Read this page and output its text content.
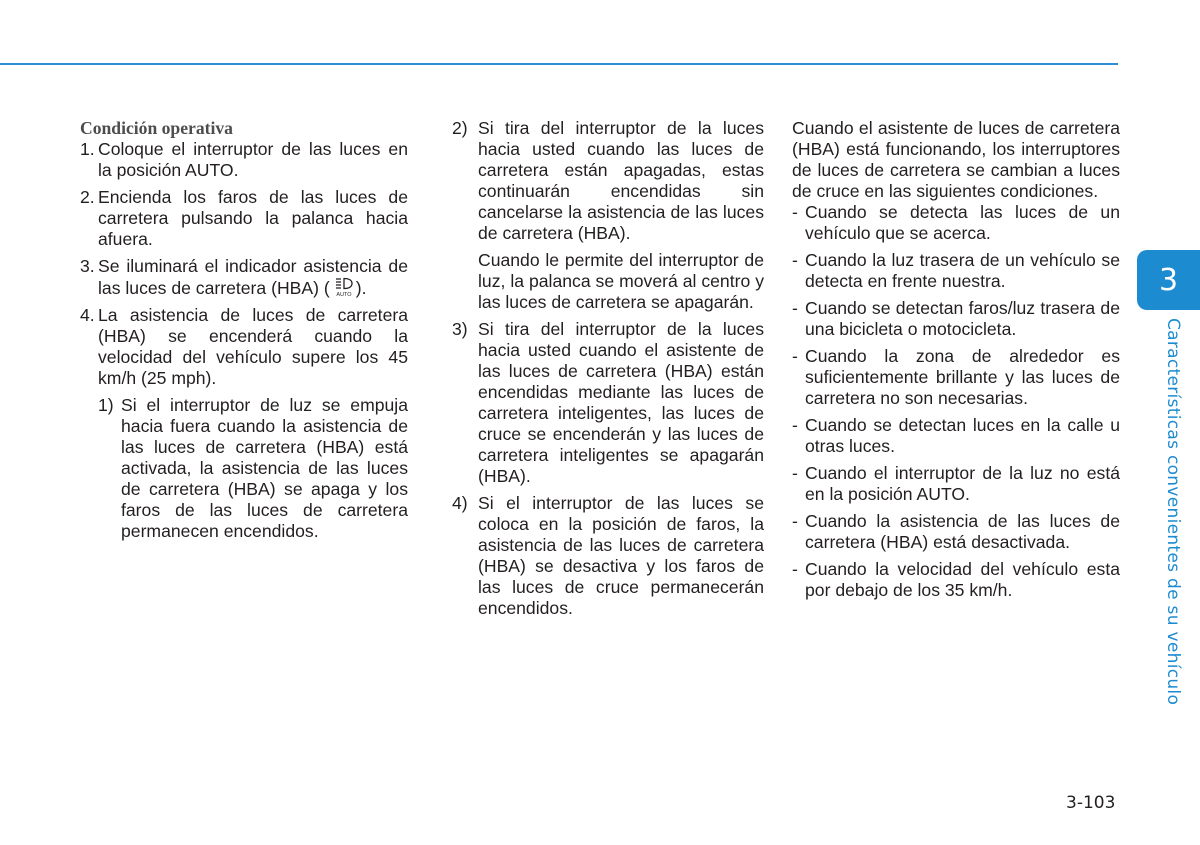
Condición operativa

1. Coloque el interruptor de las luces en la posición AUTO.
2. Encienda los faros de las luces de carretera pulsando la palanca hacia afuera.
3. Se iluminará el indicador asistencia de las luces de carretera (HBA) ( AUTO ).
4. La asistencia de luces de carretera (HBA) se encenderá cuando la velocidad del vehículo supere los 45 km/h (25 mph).
1) Si el interruptor de luz se empuja hacia fuera cuando la asistencia de las luces de carretera (HBA) está activada, la asistencia de las luces de carretera (HBA) se apaga y los faros de las luces de carretera permanecen encendidos.
2) Si tira del interruptor de la luces hacia usted cuando las luces de carretera están apagadas, estas continuarán encendidas sin cancelarse la asistencia de las luces de carretera (HBA).
Cuando le permite del interruptor de luz, la palanca se moverá al centro y las luces de carretera se apagarán.
3) Si tira del interruptor de la luces hacia usted cuando el asistente de las luces de carretera (HBA) están encendidas mediante las luces de carretera inteligentes, las luces de cruce se encenderán y las luces de carretera inteligentes se apagarán (HBA).
4) Si el interruptor de las luces se coloca en la posición de faros, la asistencia de las luces de carretera (HBA) se desactiva y los faros de las luces de cruce permanecerán encendidos.

Cuando el asistente de luces de carretera (HBA) está funcionando, los interruptores de luces de carretera se cambian a luces de cruce en las siguientes condiciones.

- Cuando se detecta las luces de un vehículo que se acerca.
- Cuando la luz trasera de un vehículo se detecta en frente nuestra.
- Cuando se detectan faros/luz trasera de una bicicleta o motocicleta.
- Cuando la zona de alrededor es suficientemente brillante y las luces de carretera no son necesarias.
- Cuando se detectan luces en la calle u otras luces.
- Cuando el interruptor de la luz no está en la posición AUTO.
- Cuando la asistencia de las luces de carretera (HBA) está desactivada.
- Cuando la velocidad del vehículo esta por debajo de los 35 km/h.
3
Características convenientes de su vehículo
3-103
